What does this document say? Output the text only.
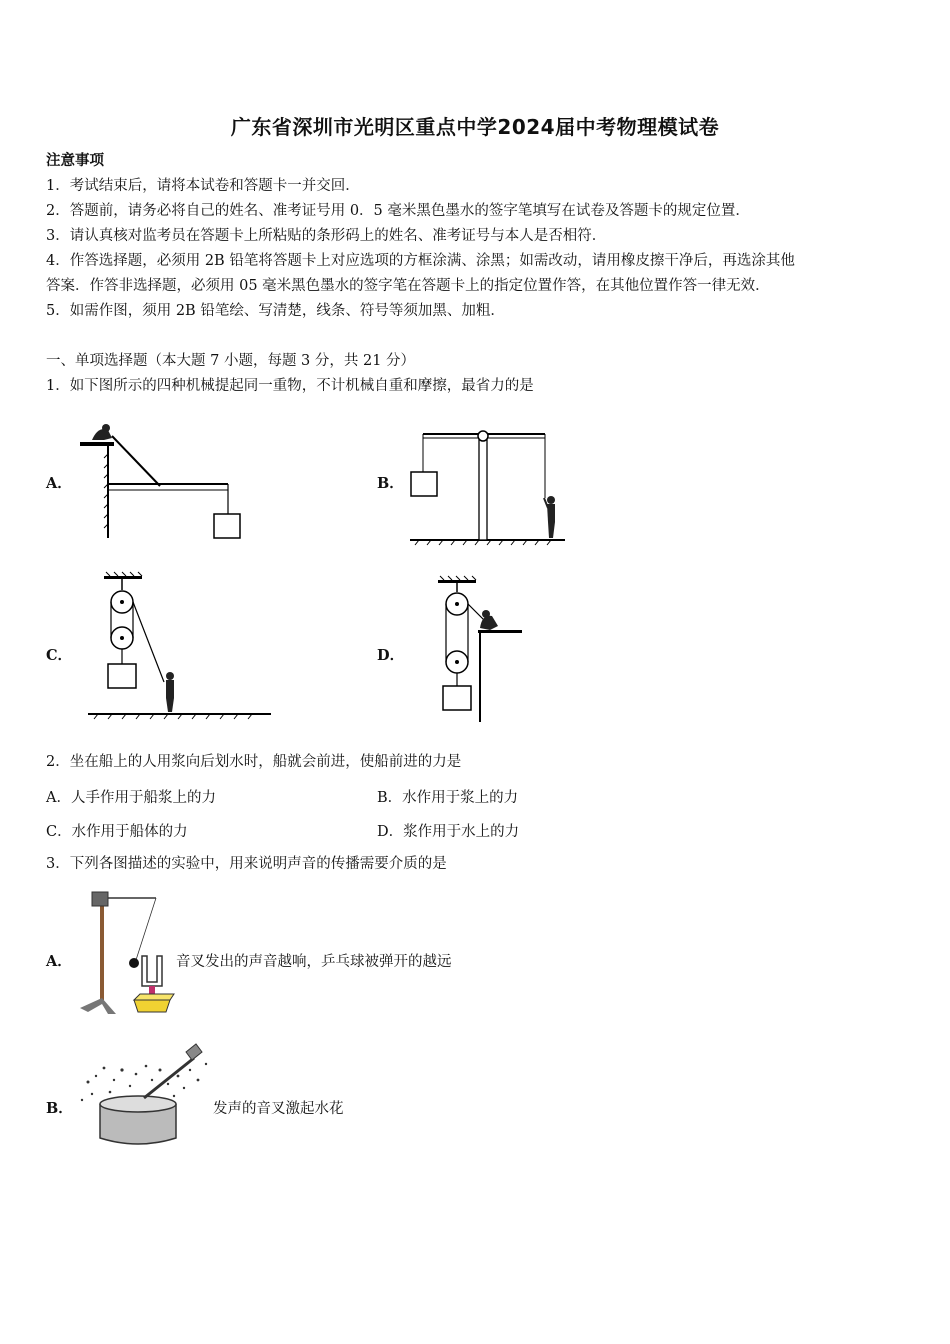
广东省深圳市光明区重点中学2024届中考物理模试卷
注意事项
1．考试结束后，请将本试卷和答题卡一并交回．
2．答题前，请务必将自己的姓名、准考证号用 0．5 毫米黑色墨水的签字笔填写在试卷及答题卡的规定位置．
3．请认真核对监考员在答题卡上所粘贴的条形码上的姓名、准考证号与本人是否相符．
4．作答选择题，必须用 2B 铅笔将答题卡上对应选项的方框涂满、涂黑；如需改动，请用橡皮擦干净后，再选涂其他
答案．作答非选择题，必须用 05 毫米黑色墨水的签字笔在答题卡上的指定位置作答，在其他位置作答一律无效．
5．如需作图，须用 2B 铅笔绘、写清楚，线条、符号等须加黑、加粗．
一、单项选择题（本大题 7 小题，每题 3 分，共 21 分）
1．如下图所示的四种机械提起同一重物，不计机械自重和摩擦，最省力的是
A．	B．
C．	D．
2．坐在船上的人用浆向后划水时，船就会前进，使船前进的力是
A．人手作用于船浆上的力	B．水作用于浆上的力
C．水作用于船体的力	D．浆作用于水上的力
3．下列各图描述的实验中，用来说明声音的传播需要介质的是
A．	音叉发出的声音越响，乒乓球被弹开的越远
B．	发声的音叉激起水花
